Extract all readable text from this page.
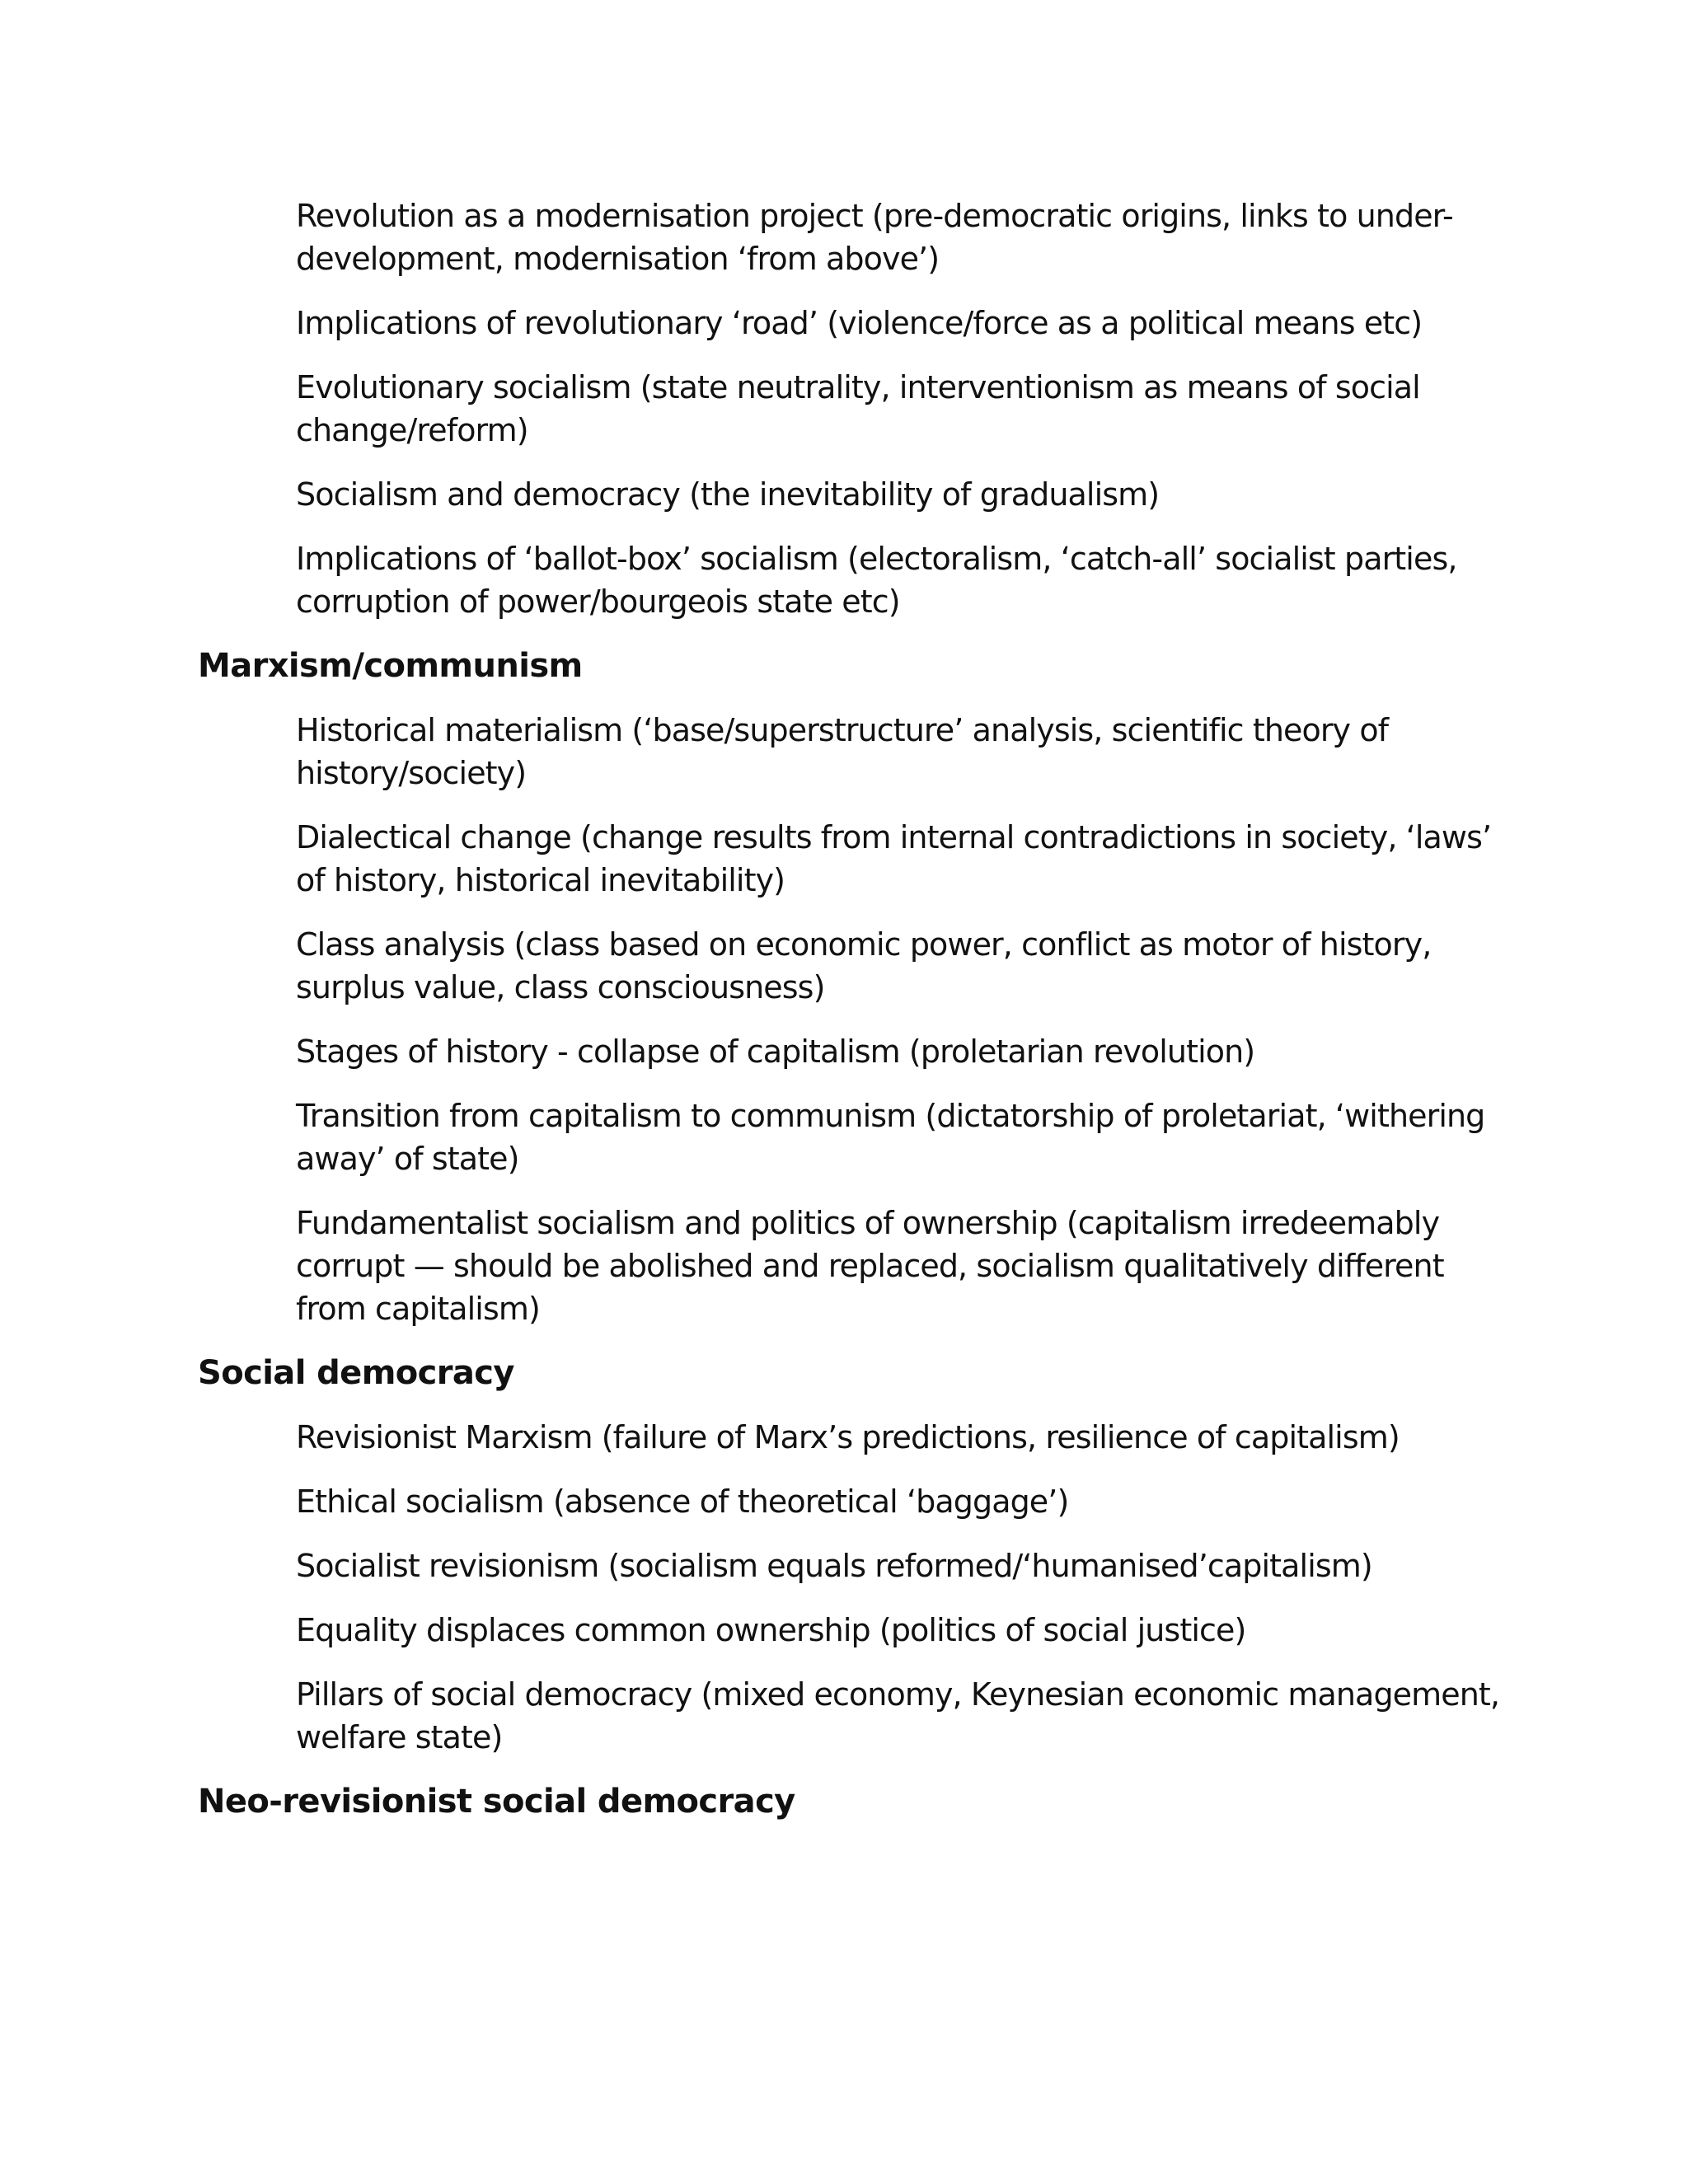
Revolution as a modernisation project (pre-democratic origins, links to under-development, modernisation ‘from above’)
Implications of revolutionary ‘road’ (violence/force as a political means etc)
Evolutionary socialism (state neutrality, interventionism as means of social change/reform)
Socialism and democracy (the inevitability of gradualism)
Implications of ‘ballot-box’ socialism (electoralism, ‘catch-all’ socialist parties, corruption of power/bourgeois state etc)
Marxism/communism
Historical materialism (‘base/superstructure’ analysis, scientific theory of history/society)
Dialectical change (change results from internal contradictions in society, ‘laws’ of history, historical inevitability)
Class analysis (class based on economic power, conflict as motor of history, surplus value, class consciousness)
Stages of history - collapse of capitalism (proletarian revolution)
Transition from capitalism to communism (dictatorship of proletariat, ‘withering away’ of state)
Fundamentalist socialism and politics of ownership (capitalism irredeemably corrupt — should be abolished and replaced, socialism qualitatively different from capitalism)
Social democracy
Revisionist Marxism (failure of Marx’s predictions, resilience of capitalism)
Ethical socialism (absence of theoretical ‘baggage’)
Socialist revisionism (socialism equals reformed/‘humanised’capitalism)
Equality displaces common ownership (politics of social justice)
Pillars of social democracy (mixed economy, Keynesian economic management, welfare state)
Neo-revisionist social democracy
